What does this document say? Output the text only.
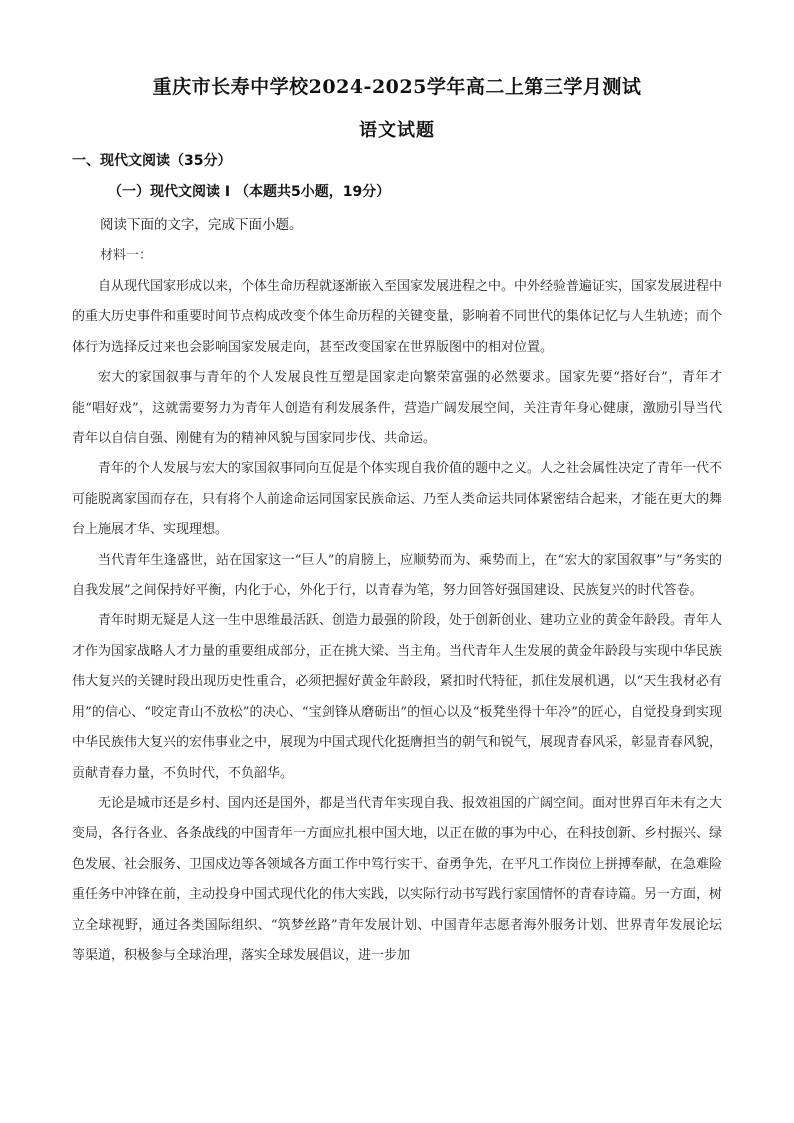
重庆市长寿中学校2024-2025学年高二上第三学月测试
语文试题
一、现代文阅读（35分）
（一）现代文阅读 I （本题共5小题，19分）
阅读下面的文字，完成下面小题。
材料一：

自从现代国家形成以来，个体生命历程就逐渐嵌入至国家发展进程之中。中外经验普遍证实，国家发展进程中的重大历史事件和重要时间节点构成改变个体生命历程的关键变量，影响着不同世代的集体记忆与人生轨迹；而个体行为选择反过来也会影响国家发展走向，甚至改变国家在世界版图中的相对位置。

宏大的家国叙事与青年的个人发展良性互塑是国家走向繁荣富强的必然要求。国家先要“搭好台”，青年才能“唱好戏”，这就需要努力为青年人创造有利发展条件，营造广阔发展空间，关注青年身心健康，激励引导当代青年以自信自强、刚健有为的精神风貌与国家同步伐、共命运。

青年的个人发展与宏大的家国叙事同向互促是个体实现自我价值的题中之义。人之社会属性决定了青年一代不可能脱离家国而存在，只有将个人前途命运同国家民族命运、乃至人类命运共同体紧密结合起来，才能在更大的舞台上施展才华、实现理想。

当代青年生逢盛世，站在国家这一“巨人”的肩膀上，应顺势而为、乘势而上，在“宏大的家国叙事”与“务实的自我发展”之间保持好平衡，内化于心，外化于行，以青春为笔，努力回答好强国建设、民族复兴的时代答卷。

青年时期无疑是人这一生中思维最活跃、创造力最强的阶段，处于创新创业、建功立业的黄金年龄段。青年人才作为国家战略人才力量的重要组成部分，正在挑大梁、当主角。当代青年人生发展的黄金年龄段与实现中华民族伟大复兴的关键时段出现历史性重合，必须把握好黄金年龄段，紧扣时代特征，抓住发展机遇，以“天生我材必有用”的信心、“咬定青山不放松”的决心、“宝剑锋从磨砺出”的恒心以及“板凳坐得十年冷”的匠心，自觉投身到实现中华民族伟大复兴的宏伟事业之中，展现为中国式现代化挺膺担当的朝气和锐气，展现青春风采，彰显青春风貌，贡献青春力量，不负时代，不负韶华。

无论是城市还是乡村、国内还是国外，都是当代青年实现自我、报效祖国的广阔空间。面对世界百年未有之大变局，各行各业、各条战线的中国青年一方面应扎根中国大地，以正在做的事为中心，在科技创新、乡村振兴、绿色发展、社会服务、卫国戍边等各领域各方面工作中笃行实干、奋勇争先，在平凡工作岗位上拼搏奉献，在急难险重任务中冲锋在前，主动投身中国式现代化的伟大实践，以实际行动书写践行家国情怀的青春诗篇。另一方面，树立全球视野，通过各类国际组织、“筑梦丝路”青年发展计划、中国青年志愿者海外服务计划、世界青年发展论坛等渠道，积极参与全球治理，落实全球发展倡议，进一步加
